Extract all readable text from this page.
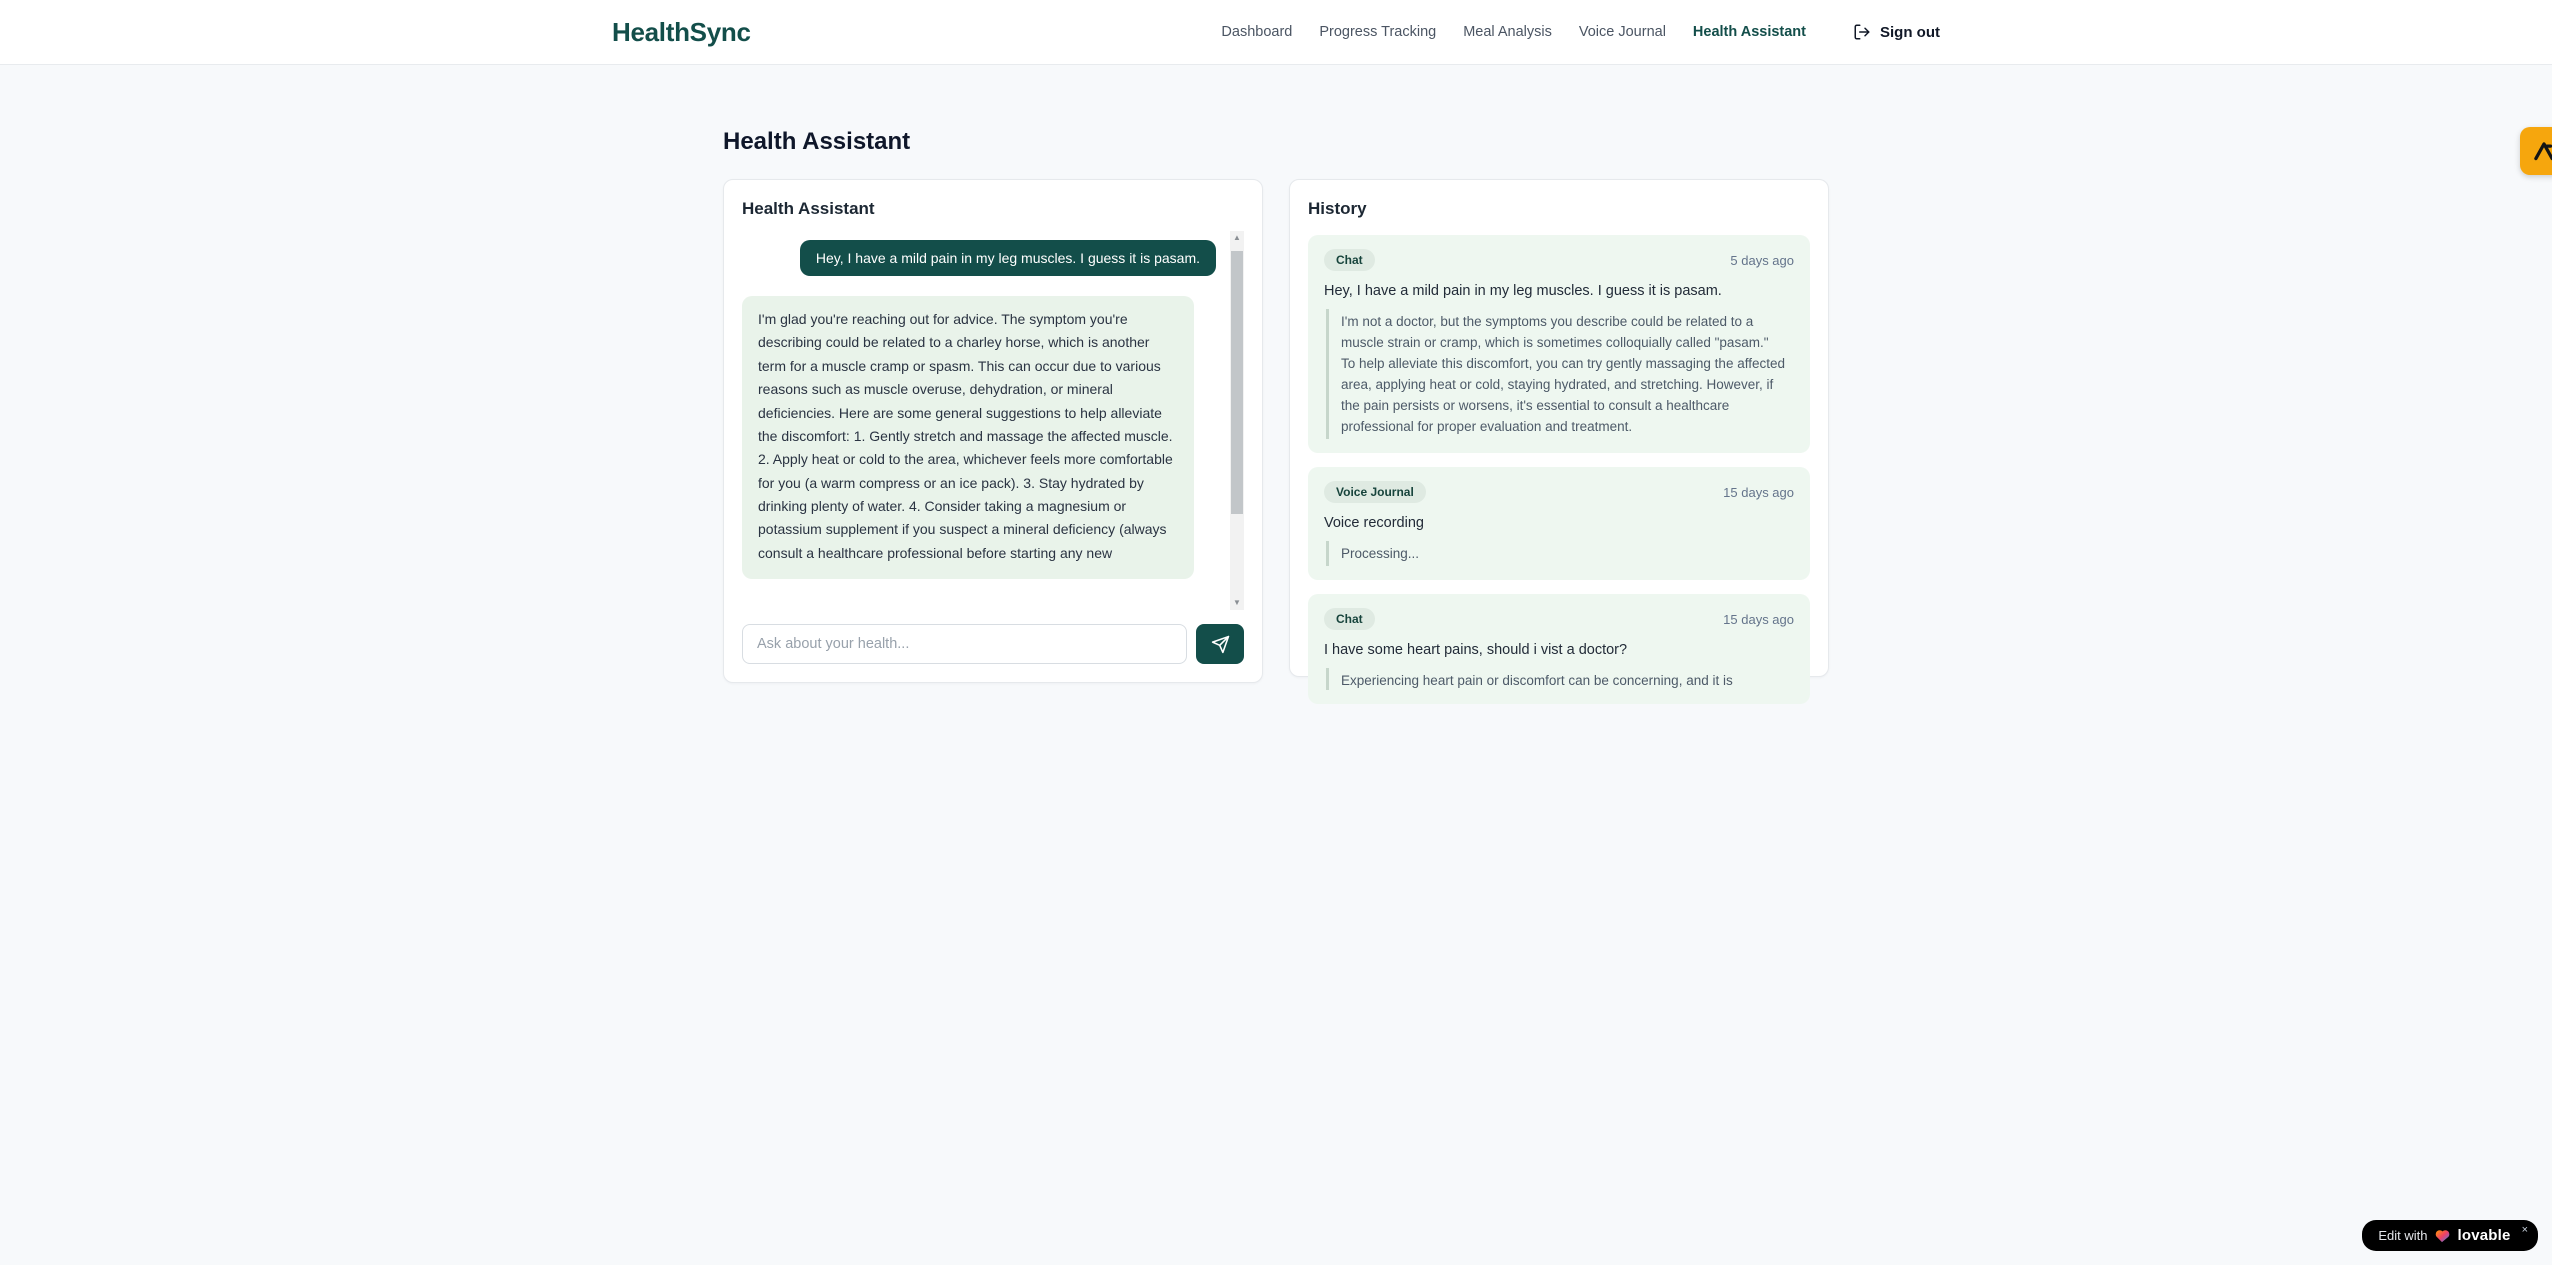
HealthSync	Dashboard Progress Tracking Meal Analysis Voice Journal Health Assistant	Sign out
Health Assistant
Health Assistant
Hey, I have a mild pain in my leg muscles. I guess it is pasam.
I'm glad you're reaching out for advice. The symptom you're describing could be related to a charley horse, which is another term for a muscle cramp or spasm. This can occur due to various reasons such as muscle overuse, dehydration, or mineral deficiencies. Here are some general suggestions to help alleviate the discomfort: 1. Gently stretch and massage the affected muscle. 2. Apply heat or cold to the area, whichever feels more comfortable for you (a warm compress or an ice pack). 3. Stay hydrated by drinking plenty of water. 4. Consider taking a magnesium or potassium supplement if you suspect a mineral deficiency (always consult a healthcare professional before starting any new
▲
▼
Ask about your health...
History
Chat	5 days ago
Hey, I have a mild pain in my leg muscles. I guess it is pasam.
I'm not a doctor, but the symptoms you describe could be related to a muscle strain or cramp, which is sometimes colloquially called "pasam." To help alleviate this discomfort, you can try gently massaging the affected area, applying heat or cold, staying hydrated, and stretching. However, if the pain persists or worsens, it's essential to consult a healthcare professional for proper evaluation and treatment.
Voice Journal	15 days ago
Voice recording
Processing...
Chat	15 days ago
I have some heart pains, should i vist a doctor?
Experiencing heart pain or discomfort can be concerning, and it is
Edit with lovable ×
